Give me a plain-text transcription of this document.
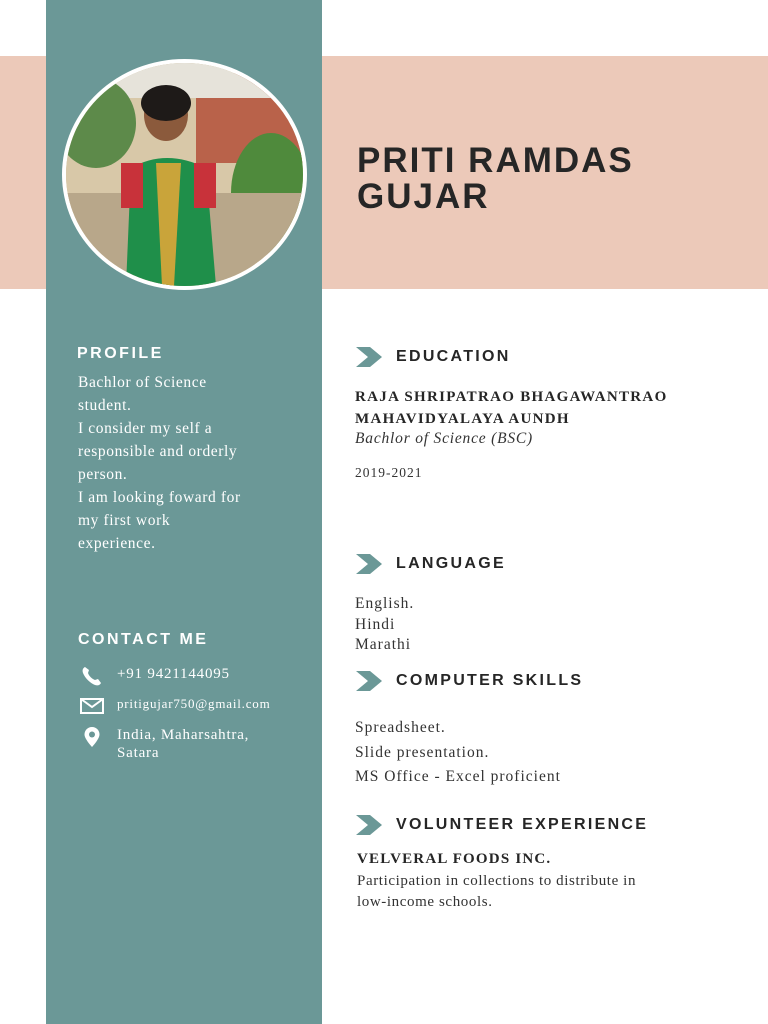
PRITI RAMDAS GUJAR
PROFILE
Bachlor of Science
student.
I consider my self a
responsible and orderly
person.
I am looking foward for
my first work
experience.
CONTACT ME
+91 9421144095
pritigujar750@gmail.com
India, Maharsahtra,
Satara
EDUCATION
RAJA SHRIPATRAO BHAGAWANTRAO
MAHAVIDYALAYA AUNDH

Bachlor of Science (BSC)

2019-2021

LANGUAGE
English.
Hindi
Marathi
COMPUTER SKILLS
Spreadsheet.
Slide presentation.
MS Office - Excel proficient
VOLUNTEER EXPERIENCE

VELVERAL FOODS INC.

Participation in collections to distribute in
low-income schools.
